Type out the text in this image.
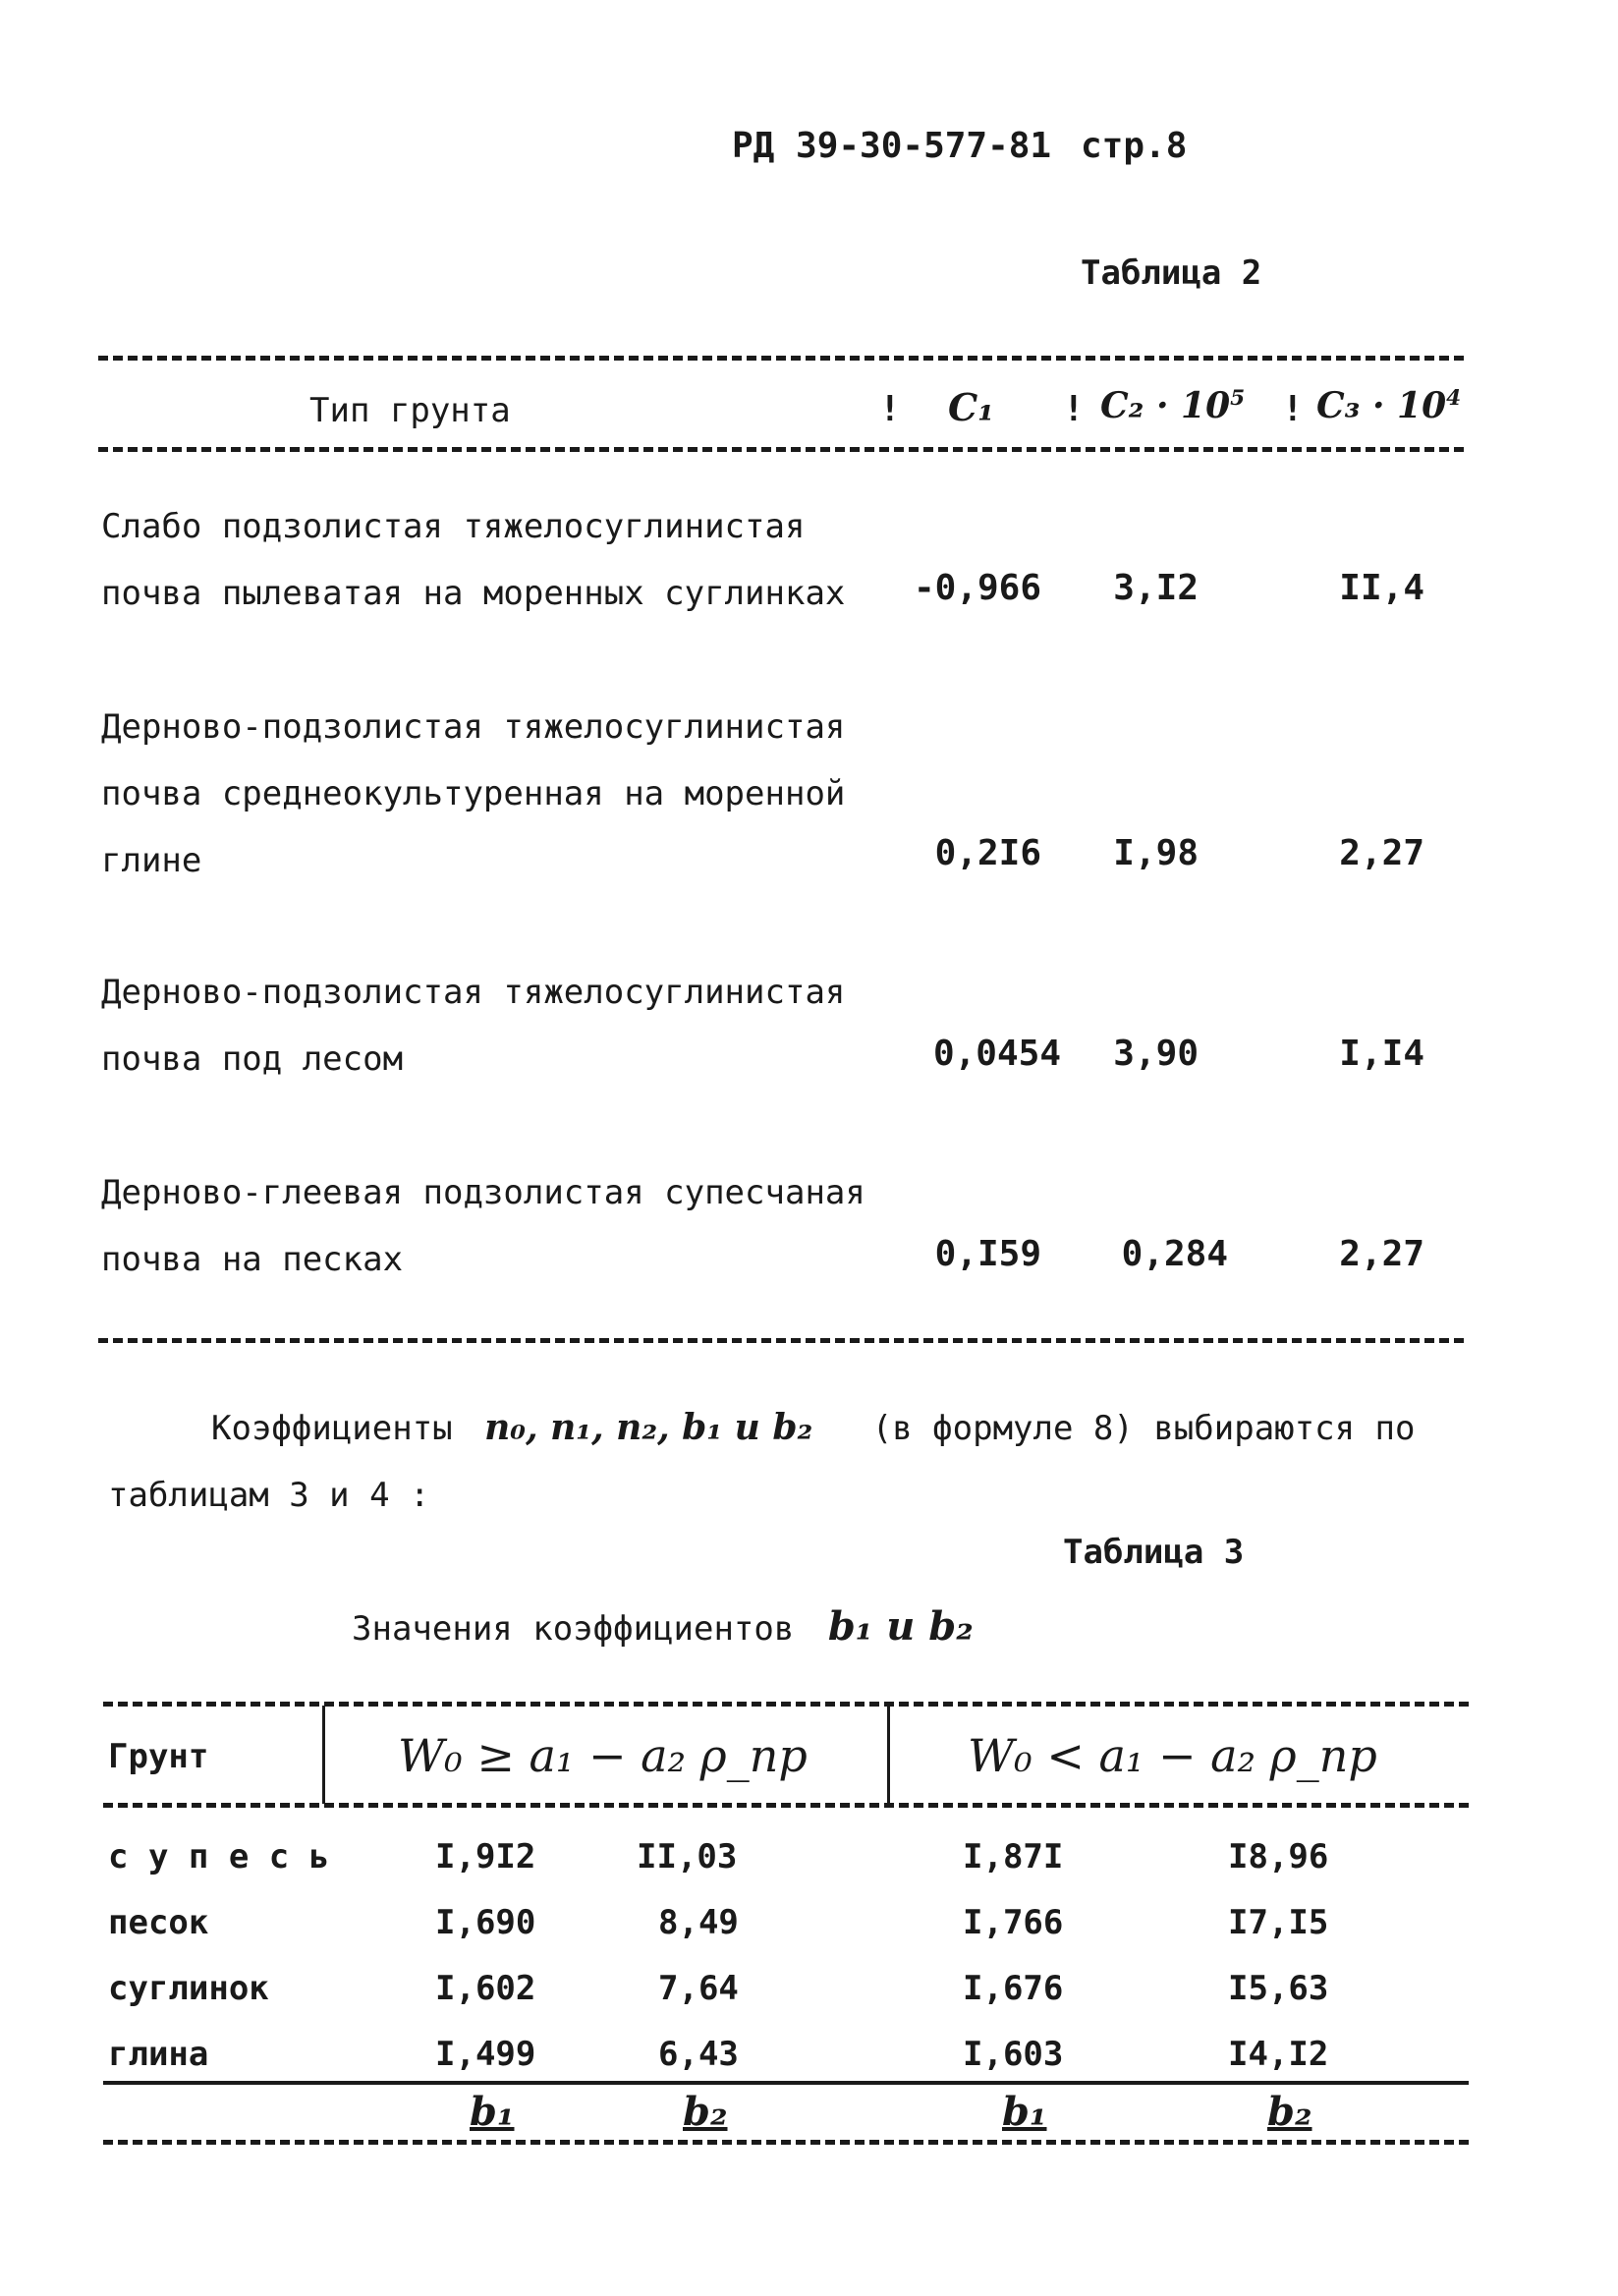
РД 39-30-577-81 стр.8
Таблица 2
Тип грунта	! C₁ ! $C_2 \cdot 10^5$ ! $C_3 \cdot 10^4$
Слабо подзолистая тяжелосуглинистая
почва пылеватая на моренных суглинках	-0,966	3,I2	II,4
Дерново-подзолистая тяжелосуглинистая
почва среднеокультуренная на моренной
глине	0,2I6	I,98	2,27
Дерново-подзолистая тяжелосуглинистая
почва под лесом	0,0454	3,90	I,I4
Дерново-глеевая подзолистая супесчаная
почва на песках	0,I59	0,284	2,27
Коэффициенты n₀, n₁, n₂, b₁ и b₂ (в формуле 8) выбираются по
таблицам 3 и 4 :
Таблица 3
Значения коэффициентов b₁ и b₂
Грунт	W₀ ≥ a₁ − a₂ ρ_пр	W₀ < a₁ − a₂ ρ_пр
с у п е с ь	I,9I2	II,03	I,87I	I8,96
песок	I,690	8,49	I,766	I7,I5
суглинок	I,602	7,64	I,676	I5,63
глина	I,499	6,43	I,603	I4,I2
b₁	b₂	b₁	b₂
